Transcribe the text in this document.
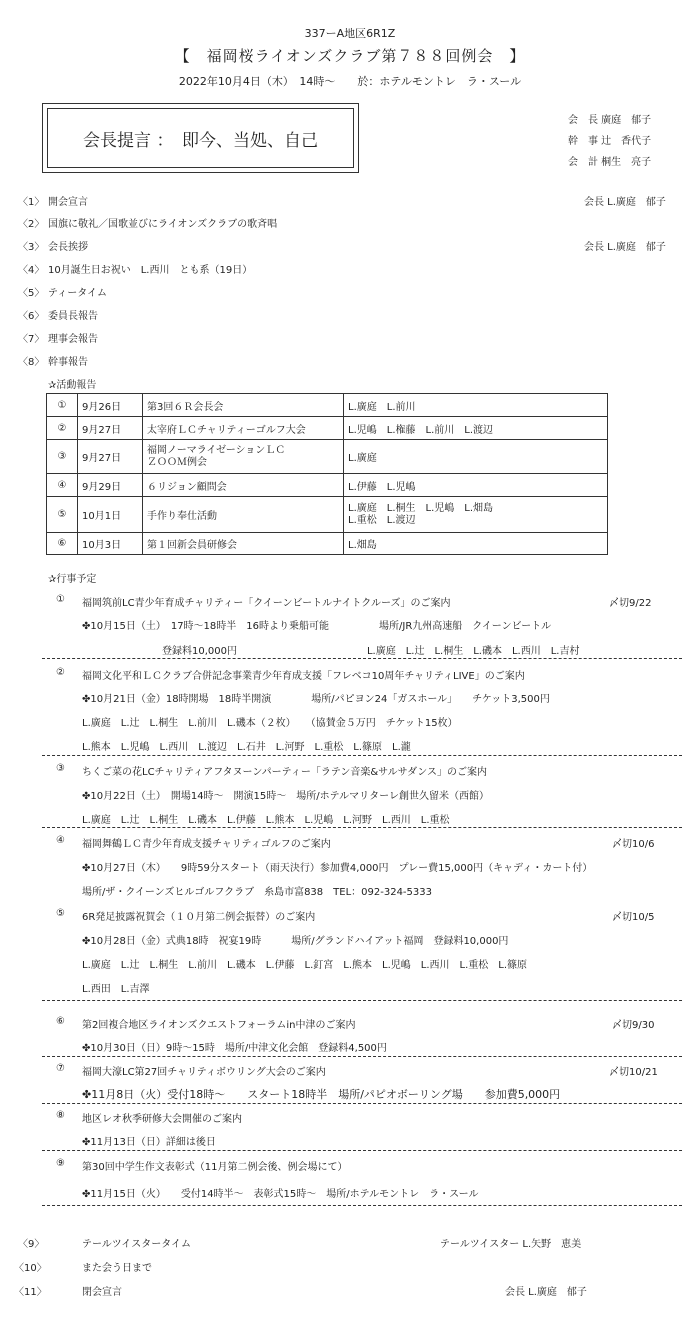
337ーA地区6R1Z
【　福岡桜ライオンズクラブ第７８８回例会　】
2022年10月4日（木）　14時～　　於：ホテルモントレ　ラ・スール
会長提言 ：　即今、当処、自己
会　長 廣庭　郁子
幹　事 辻　香代子
会　計 桐生　亮子
〈1〉 開会宣言	会長 L.廣庭　郁子
〈2〉 国旗に敬礼／国歌並びにライオンズクラブの歌斉唱
〈3〉 会長挨拶	会長 L.廣庭　郁子
〈4〉 10月誕生日お祝い　L.西川　とも系（19日）
〈5〉 ティータイム
〈6〉 委員長報告
〈7〉 理事会報告
〈8〉 幹事報告
✰活動報告
①	9月26日	第3回６Ｒ会長会	L.廣庭　L.前川
②	9月27日	太宰府ＬＣチャリティーゴルフ大会	L.児嶋　L.権藤　L.前川　L.渡辺
③	9月27日	福岡ノーマライゼーションＬＣ
ＺＯＯＭ例会	L.廣庭
④	9月29日	６リジョン顧問会	L.伊藤　L.児嶋
⑤	10月1日	手作り奉仕活動	L.廣庭　L.桐生　L.児嶋　L.畑島
L.重松　L.渡辺
⑥	10月3日	第１回新会員研修会	L.畑島
✰行事予定
① 福岡筑前LC青少年育成チャリティー「クイーンビートルナイトクルーズ」のご案内	〆切9/22
✤10月15日（土）　17時～18時半　16時より乗船可能　　　　　場所/JR九州高速船　クイーンビートル
　　　　　　　　登録料10,000円　　　　　　　　　　　　　L.廣庭　L.辻　L.桐生　L.磯本　L.西川　L.吉村
② 福岡文化平和ＬＣクラブ合併記念事業青少年育成支援「フレベコ10周年チャリティLIVE」のご案内
✤10月21日（金）18時開場　18時半開演　　　　場所/パピヨン24「ガスホール」　　チケット3,500円
L.廣庭　L.辻　L.桐生　L.前川　L.磯本（２枚）　　（協賛金５万円　チケット15枚）
L.熊本　L.児嶋　L.西川　L.渡辺　L.石井　L.河野　L.重松　L.篠原　L.瀧
③ ちくご菜の花LCチャリティアフタヌーンパーティー「ラテン音楽&サルサダンス」のご案内
✤10月22日（土）　開場14時～　開演15時～　場所/ホテルマリターレ創世久留米（西館）
L.廣庭　L.辻　L.桐生　L.磯本　L.伊藤　L.熊本　L.児嶋　L.河野　L.西川　L.重松
④ 福岡舞鶴ＬＣ青少年育成支援チャリティゴルフのご案内	〆切10/6
✤10月27日（木）　　9時59分スタート（雨天決行）参加費4,000円　プレー費15,000円（キャディ・カート付）
場所/ザ・クイーンズヒルゴルフクラブ　糸島市富838　TEL：092-324-5333
⑤ 6R発足披露祝賀会（１０月第二例会振替）のご案内	〆切10/5
✤10月28日（金）式典18時　祝宴19時　　　場所/グランドハイアット福岡　登録料10,000円
L.廣庭　L.辻　L.桐生　L.前川　L.磯本　L.伊藤　L.釘宮　L.熊本　L.児嶋　L.西川　L.重松　L.篠原
L.西田　L.吉澤
⑥ 第2回複合地区ライオンズクエストフォーラムin中津のご案内	〆切9/30
✤10月30日（日）9時～15時　場所/中津文化会館　登録料4,500円
⑦ 福岡大濠LC第27回チャリティボウリング大会のご案内	〆切10/21
✤11月8日（火）受付18時～　　スタート18時半　場所/パピオボーリング場　　参加費5,000円
⑧ 地区レオ秋季研修大会開催のご案内
✤11月13日（日）詳細は後日
⑨ 第30回中学生作文表彰式（11月第二例会後、例会場にて）
✤11月15日（火）　　受付14時半～　表彰式15時～　場所/ホテルモントレ　ラ・スール
〈9〉	テールツイスタータイム	テールツイスター L.矢野　恵美
〈10〉	また会う日まで
〈11〉	閉会宣言	会長 L.廣庭　郁子
